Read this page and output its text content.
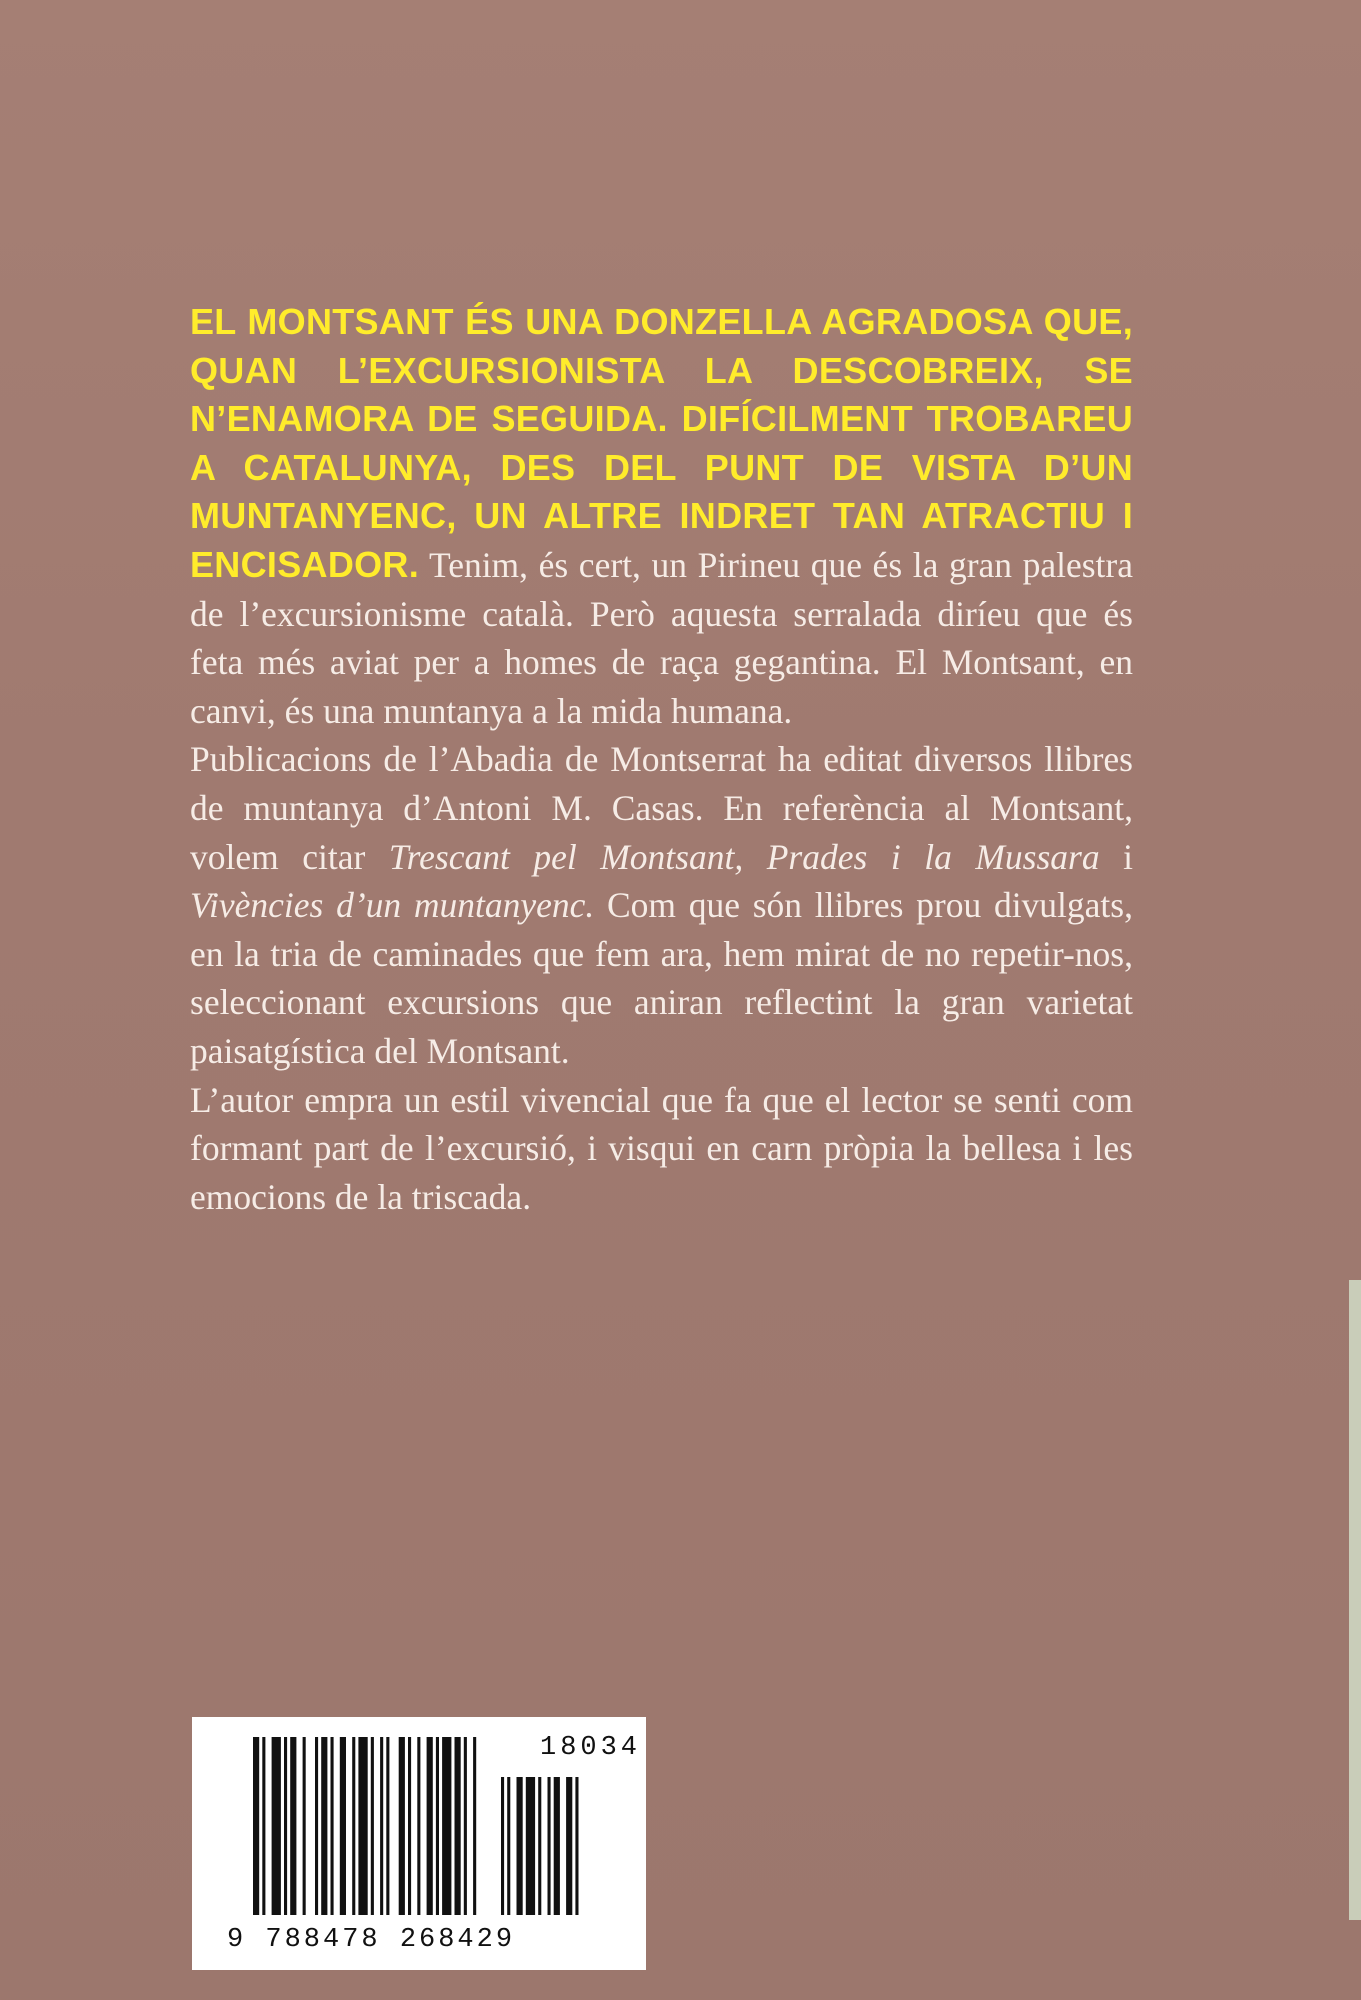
EL MONTSANT ÉS UNA DONZELLA AGRADOSA QUE, QUAN L’EXCURSIONISTA LA DESCOBREIX, SE N’ENAMORA DE SEGUIDA. DIFÍCILMENT TROBAREU A CATALUNYA, DES DEL PUNT DE VISTA D’UN MUNTANYENC, UN ALTRE INDRET TAN ATRACTIU I ENCISADOR. Tenim, és cert, un Pirineu que és la gran palestra de l’excursionisme català. Però aquesta serralada diríeu que és feta més aviat per a homes de raça gegantina. El Montsant, en canvi, és una muntanya a la mida humana.

Publicacions de l’Abadia de Montserrat ha editat diversos llibres de muntanya d’Antoni M. Casas. En referència al Montsant, volem citar Trescant pel Montsant, Prades i la Mussara i Vivències d’un muntanyenc. Com que són llibres prou divulgats, en la tria de caminades que fem ara, hem mirat de no repetir-nos, seleccionant excursions que aniran reflectint la gran varietat paisatgística del Montsant.

L’autor empra un estil vivencial que fa que el lector se senti com formant part de l’excursió, i visqui en carn pròpia la bellesa i les emocions de la triscada.

18034
9 788478 268429
